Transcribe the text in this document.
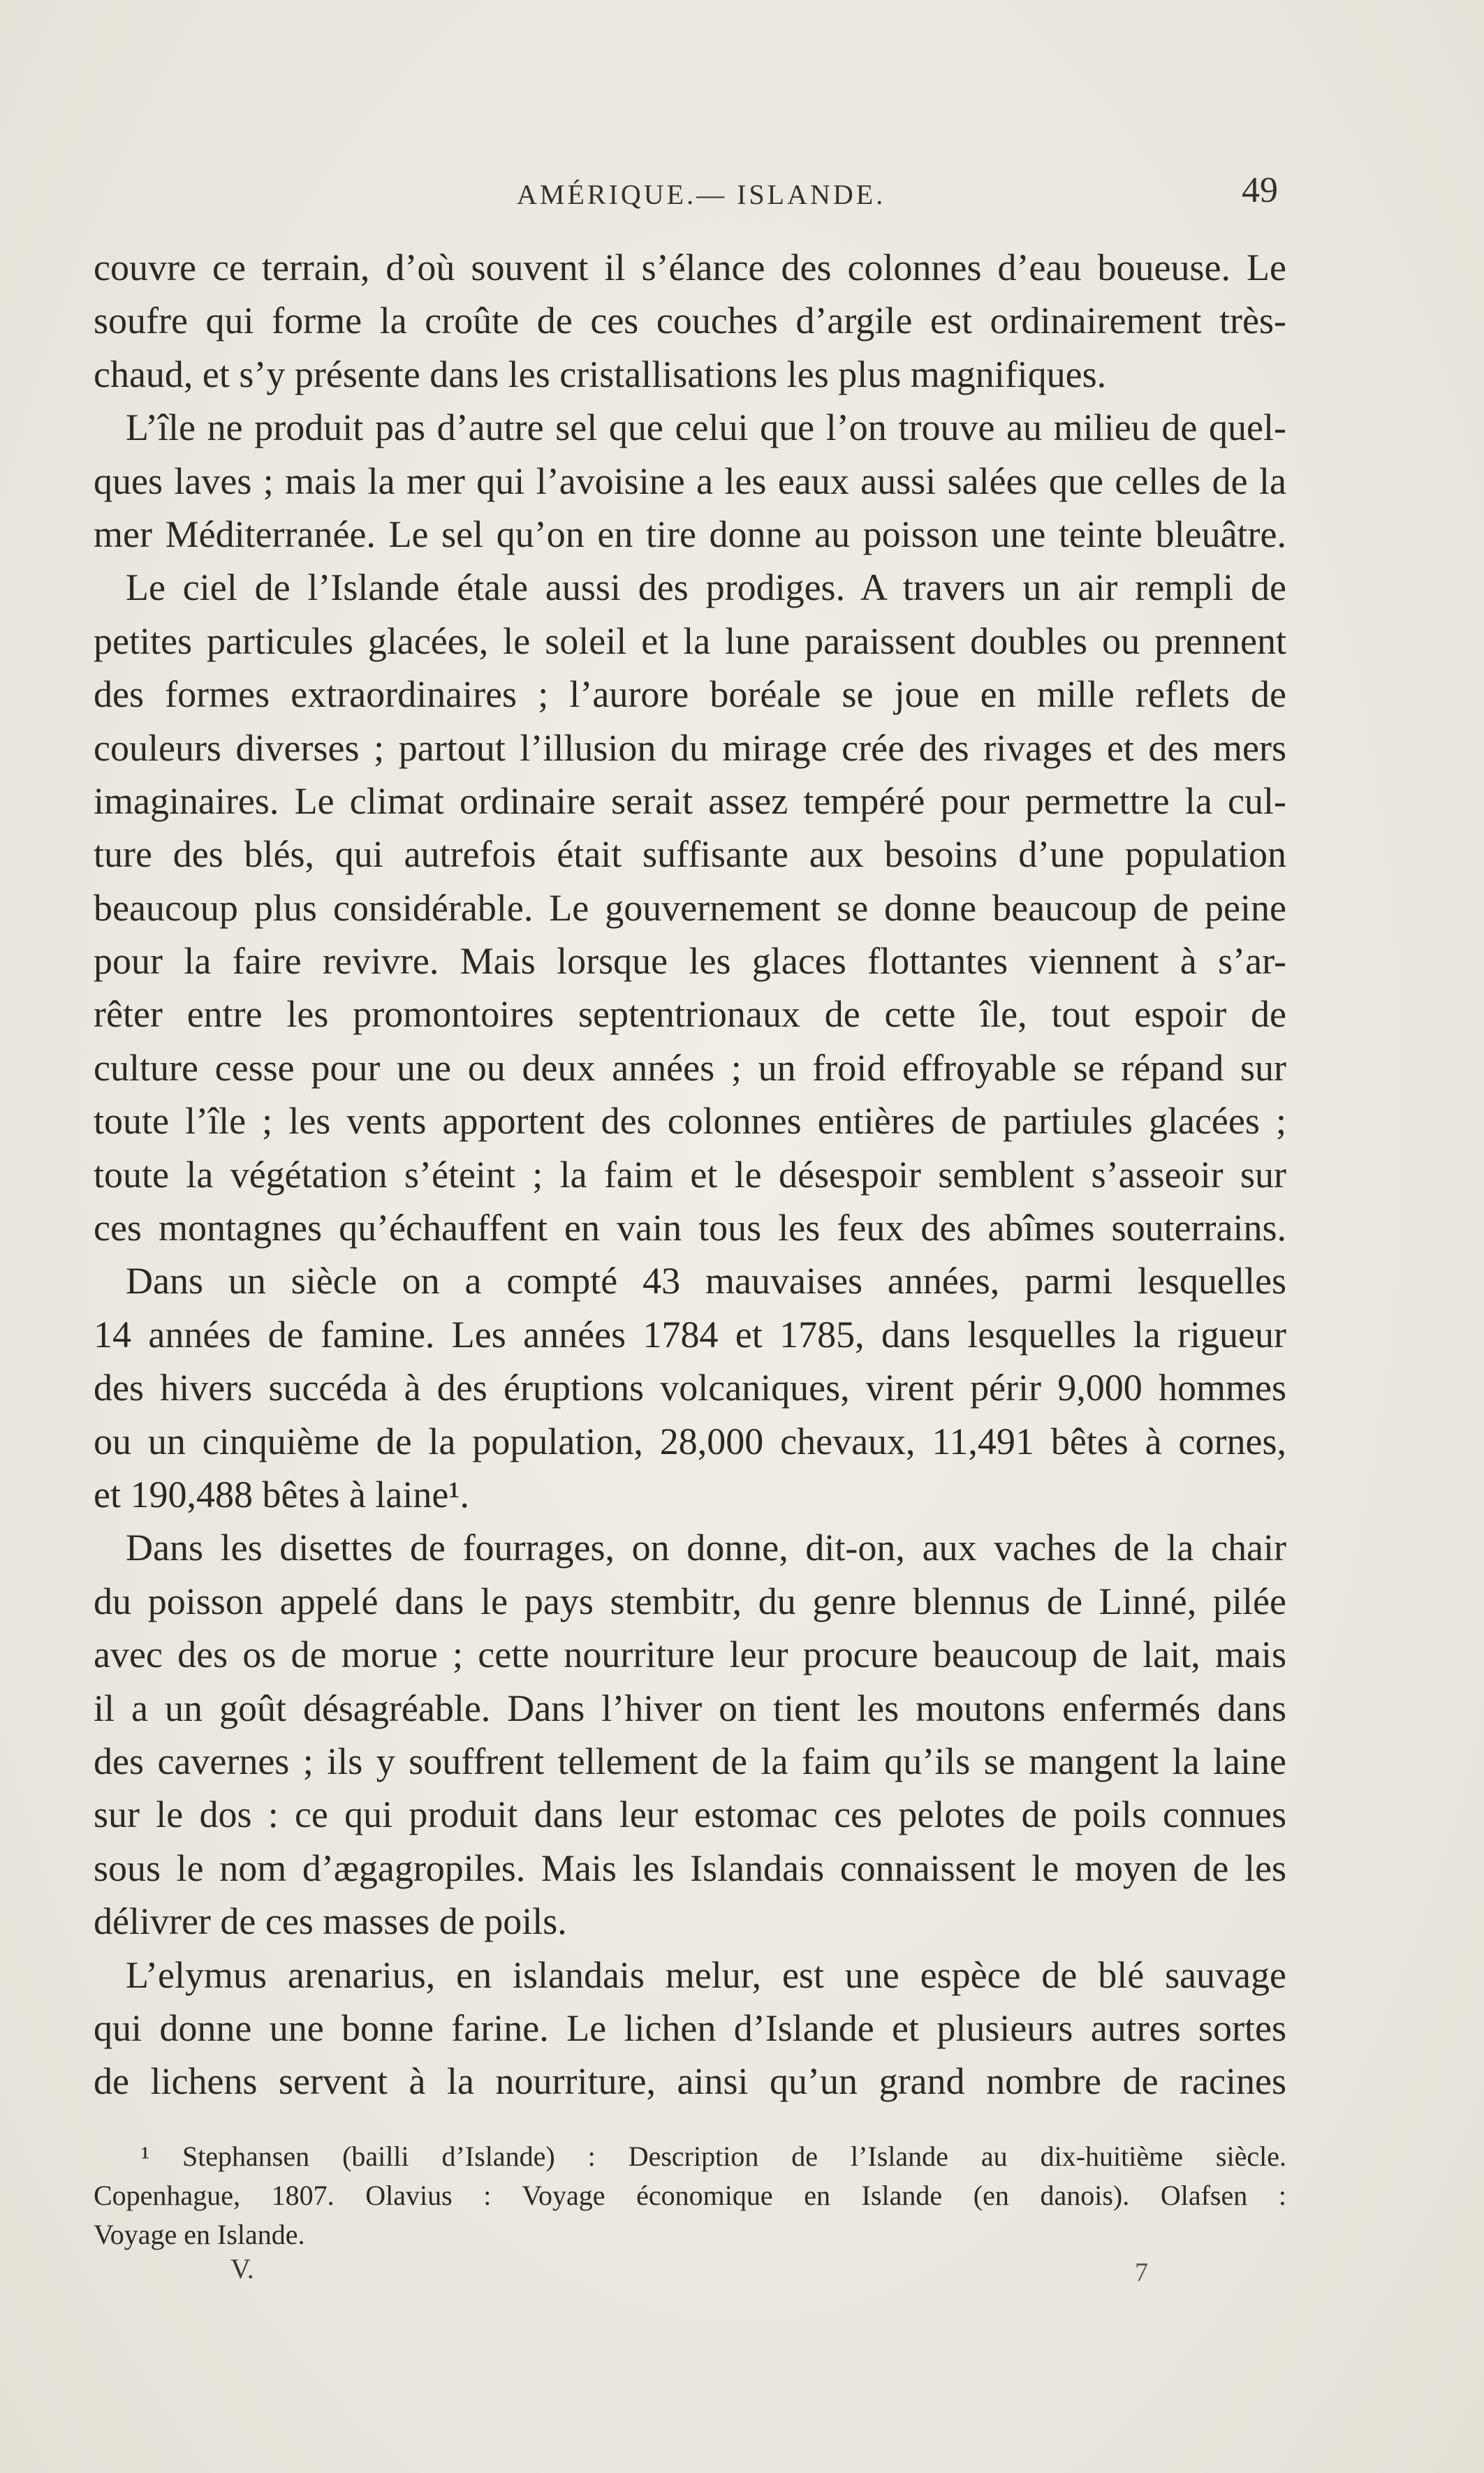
AMÉRIQUE.— ISLANDE.	49
couvre ce terrain, d’où souvent il s’élance des colonnes d’eau boueuse. Le
soufre qui forme la croûte de ces couches d’argile est ordinairement très-
chaud, et s’y présente dans les cristallisations les plus magnifiques.
L’île ne produit pas d’autre sel que celui que l’on trouve au milieu de quel-
ques laves ; mais la mer qui l’avoisine a les eaux aussi salées que celles de la
mer Méditerranée. Le sel qu’on en tire donne au poisson une teinte bleuâtre.
Le ciel de l’Islande étale aussi des prodiges. A travers un air rempli de
petites particules glacées, le soleil et la lune paraissent doubles ou prennent
des formes extraordinaires ; l’aurore boréale se joue en mille reflets de
couleurs diverses ; partout l’illusion du mirage crée des rivages et des mers
imaginaires. Le climat ordinaire serait assez tempéré pour permettre la cul-
ture des blés, qui autrefois était suffisante aux besoins d’une population
beaucoup plus considérable. Le gouvernement se donne beaucoup de peine
pour la faire revivre. Mais lorsque les glaces flottantes viennent à s’ar-
rêter entre les promontoires septentrionaux de cette île, tout espoir de
culture cesse pour une ou deux années ; un froid effroyable se répand sur
toute l’île ; les vents apportent des colonnes entières de partiules glacées ;
toute la végétation s’éteint ; la faim et le désespoir semblent s’asseoir sur
ces montagnes qu’échauffent en vain tous les feux des abîmes souterrains.
Dans un siècle on a compté 43 mauvaises années, parmi lesquelles
14 années de famine. Les années 1784 et 1785, dans lesquelles la rigueur
des hivers succéda à des éruptions volcaniques, virent périr 9,000 hommes
ou un cinquième de la population, 28,000 chevaux, 11,491 bêtes à cornes,
et 190,488 bêtes à laine¹.
Dans les disettes de fourrages, on donne, dit-on, aux vaches de la chair
du poisson appelé dans le pays stembitr, du genre blennus de Linné, pilée
avec des os de morue ; cette nourriture leur procure beaucoup de lait, mais
il a un goût désagréable. Dans l’hiver on tient les moutons enfermés dans
des cavernes ; ils y souffrent tellement de la faim qu’ils se mangent la laine
sur le dos : ce qui produit dans leur estomac ces pelotes de poils connues
sous le nom d’ægagropiles. Mais les Islandais connaissent le moyen de les
délivrer de ces masses de poils.
L’elymus arenarius, en islandais melur, est une espèce de blé sauvage
qui donne une bonne farine. Le lichen d’Islande et plusieurs autres sortes
de lichens servent à la nourriture, ainsi qu’un grand nombre de racines
¹ Stephansen (bailli d’Islande) : Description de l’Islande au dix-huitième siècle.
Copenhague, 1807. Olavius : Voyage économique en Islande (en danois). Olafsen :
Voyage en Islande.
V.	7
